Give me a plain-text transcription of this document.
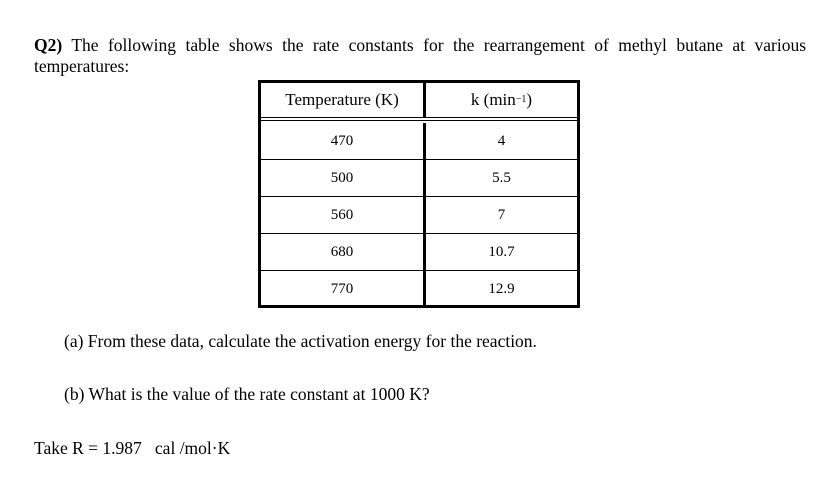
Q2) The following table shows the rate constants for the rearrangement of methyl butane at various temperatures:
Temperature (K)	k (min −1 )
470	4
500	5.5
560	7
680	10.7
770	12.9
(a) From these data, calculate the activation energy for the reaction.
(b) What is the value of the rate constant at 1000 K?
Take R = 1.987   cal /mol·K
